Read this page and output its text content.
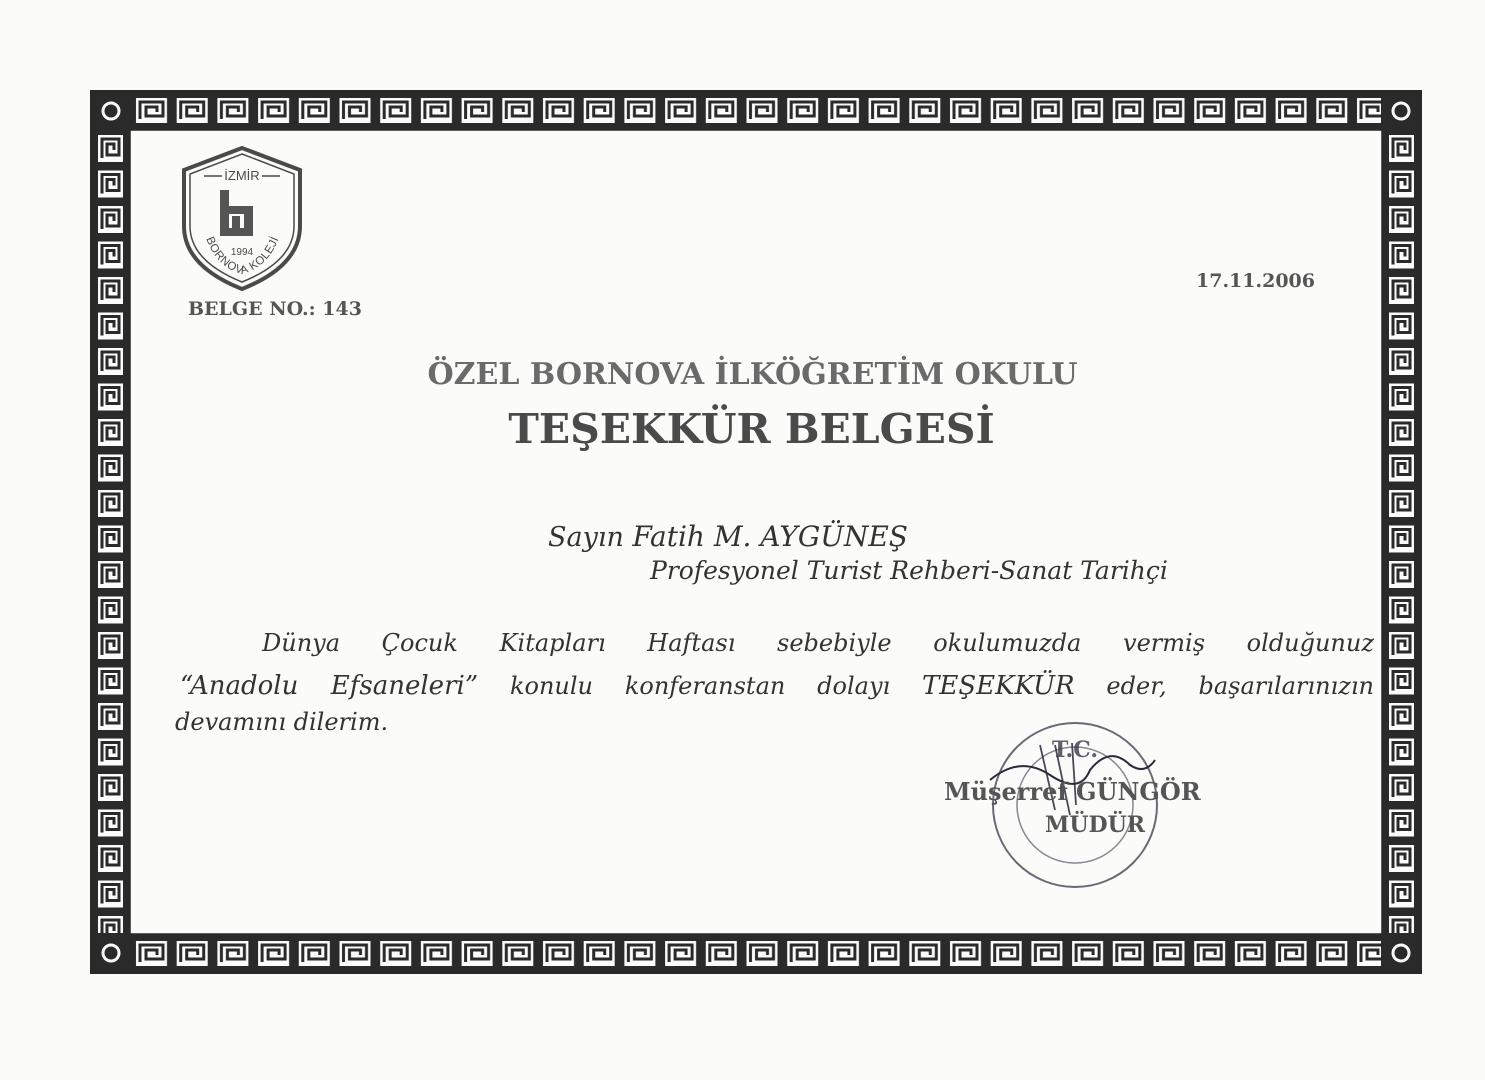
İZMİR
1994
BORNOVA KOLEJİ
BELGE NO.: 143
17.11.2006
ÖZEL BORNOVA İLKÖĞRETİM OKULU
TEŞEKKÜR BELGESİ
Sayın Fatih M. AYGÜNEŞ
Profesyonel Turist Rehberi-Sanat Tarihçi
Dünya Çocuk Kitapları Haftası sebebiyle okulumuzda vermiş olduğunuz
“Anadolu Efsaneleri” konulu konferanstan dolayı TEŞEKKÜR eder, başarılarınızın
devamını dilerim.
T.C.
Müşerref GÜNGÖR
MÜDÜR
